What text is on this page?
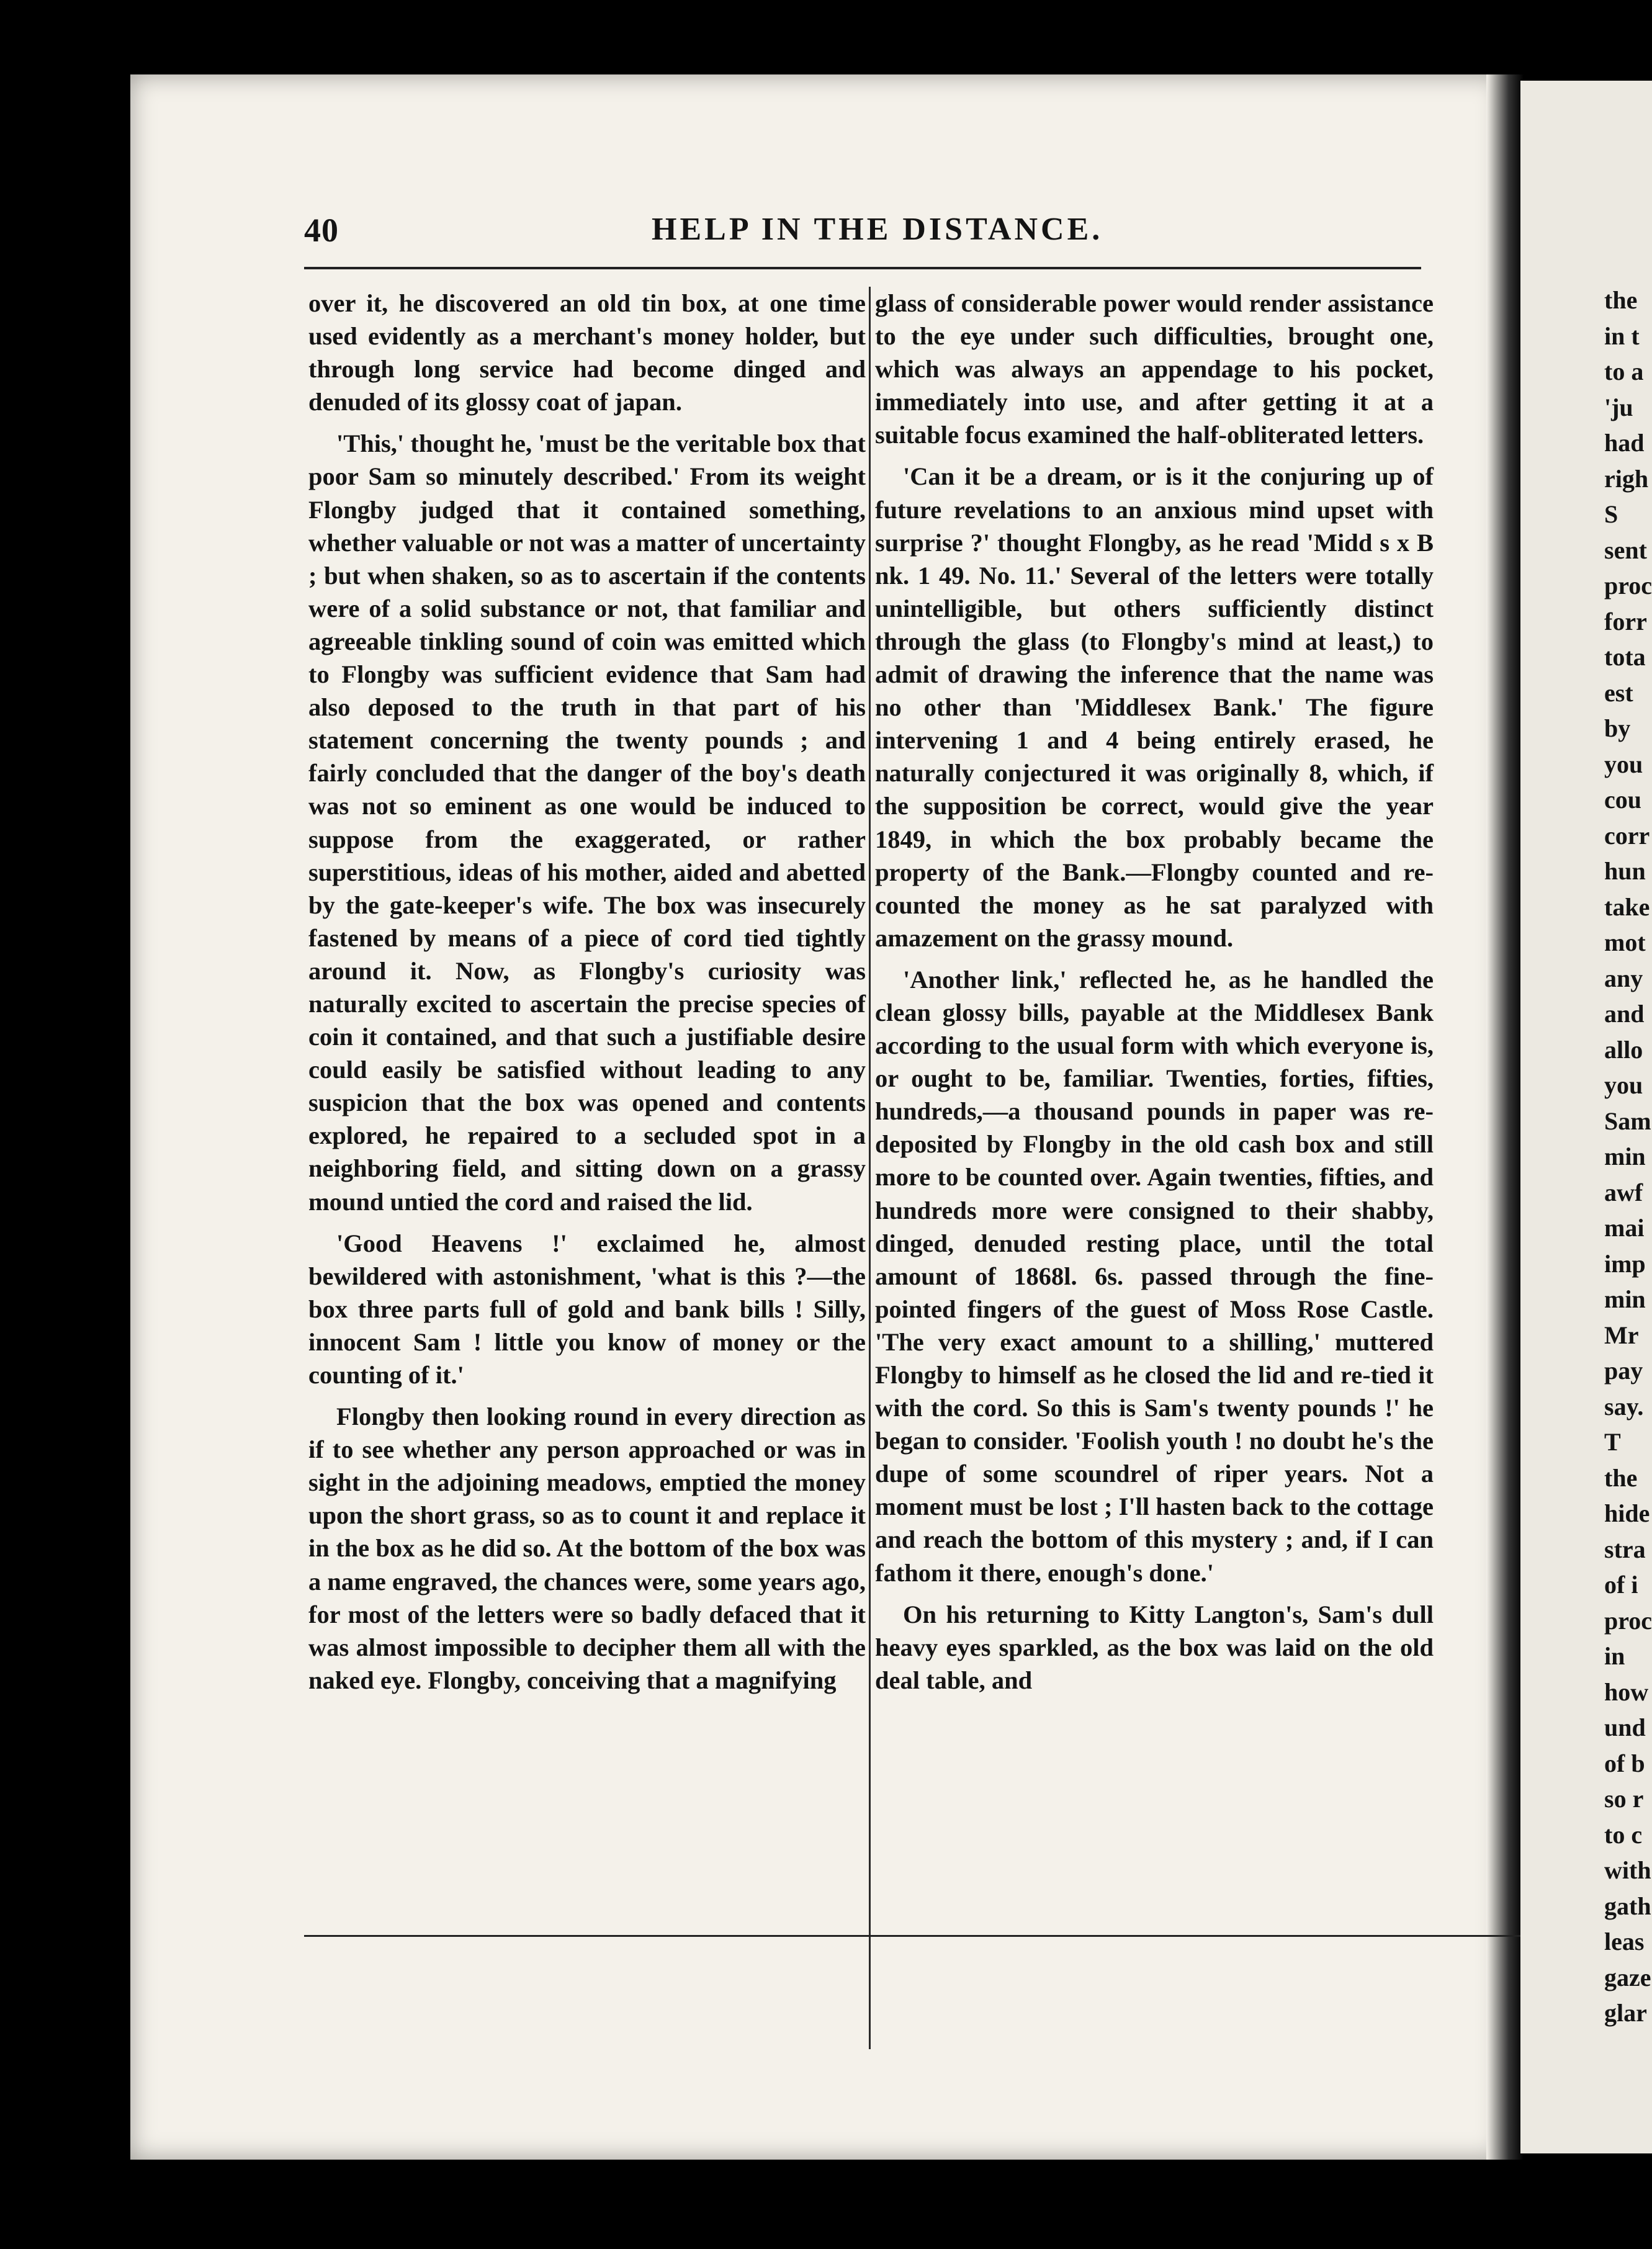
the
in t
to a
'ju
had
righ
S
sent
proc
forr
tota
est
by
you
cou
corr
hun
take
mot
any
and
allo
you
Sam
min
awf
mai
imp
min
Mr
pay
say.
T
the
hide
stra
of i
proc
in
how
und
of b
so r
to c
with
gath
leas
gaze
glar
40	HELP IN THE DISTANCE.

over it, he discovered an old tin box, at one time used evidently as a merchant's money holder, but through long service had become dinged and denuded of its glossy coat of japan.

'This,' thought he, 'must be the veritable box that poor Sam so minutely described.' From its weight Flongby judged that it contained something, whether valuable or not was a matter of uncertainty ; but when shaken, so as to ascertain if the contents were of a solid substance or not, that familiar and agreeable tinkling sound of coin was emitted which to Flongby was sufficient evidence that Sam had also deposed to the truth in that part of his statement concerning the twenty pounds ; and fairly concluded that the danger of the boy's death was not so eminent as one would be induced to suppose from the exaggerated, or rather superstitious, ideas of his mother, aided and abetted by the gate-keeper's wife. The box was insecurely fastened by means of a piece of cord tied tightly around it. Now, as Flongby's curiosity was naturally excited to ascertain the precise species of coin it contained, and that such a justifiable desire could easily be satisfied without leading to any suspicion that the box was opened and contents explored, he repaired to a secluded spot in a neighboring field, and sitting down on a grassy mound untied the cord and raised the lid.

'Good Heavens !' exclaimed he, almost bewildered with astonishment, 'what is this ?—the box three parts full of gold and bank bills ! Silly, innocent Sam ! little you know of money or the counting of it.'

Flongby then looking round in every direction as if to see whether any person approached or was in sight in the adjoining meadows, emptied the money upon the short grass, so as to count it and replace it in the box as he did so. At the bottom of the box was a name engraved, the chances were, some years ago, for most of the letters were so badly defaced that it was almost impossible to decipher them all with the naked eye. Flongby, conceiving that a magnifying

glass of considerable power would render assistance to the eye under such difficulties, brought one, which was always an appendage to his pocket, immediately into use, and after getting it at a suitable focus examined the half-obliterated letters.

'Can it be a dream, or is it the conjuring up of future revelations to an anxious mind upset with surprise ?' thought Flongby, as he read 'Midd s x B nk. 1 49. No. 11.' Several of the letters were totally unintelligible, but others sufficiently distinct through the glass (to Flongby's mind at least,) to admit of drawing the inference that the name was no other than 'Middlesex Bank.' The figure intervening 1 and 4 being entirely erased, he naturally conjectured it was originally 8, which, if the supposition be correct, would give the year 1849, in which the box probably became the property of the Bank.—Flongby counted and re-counted the money as he sat paralyzed with amazement on the grassy mound.

'Another link,' reflected he, as he handled the clean glossy bills, payable at the Middlesex Bank according to the usual form with which everyone is, or ought to be, familiar. Twenties, forties, fifties, hundreds,—a thousand pounds in paper was re-deposited by Flongby in the old cash box and still more to be counted over. Again twenties, fifties, and hundreds more were consigned to their shabby, dinged, denuded resting place, until the total amount of 1868l. 6s. passed through the fine-pointed fingers of the guest of Moss Rose Castle. 'The very exact amount to a shilling,' muttered Flongby to himself as he closed the lid and re-tied it with the cord. So this is Sam's twenty pounds !' he began to consider. 'Foolish youth ! no doubt he's the dupe of some scoundrel of riper years. Not a moment must be lost ; I'll hasten back to the cottage and reach the bottom of this mystery ; and, if I can fathom it there, enough's done.'

On his returning to Kitty Langton's, Sam's dull heavy eyes sparkled, as the box was laid on the old deal table, and
